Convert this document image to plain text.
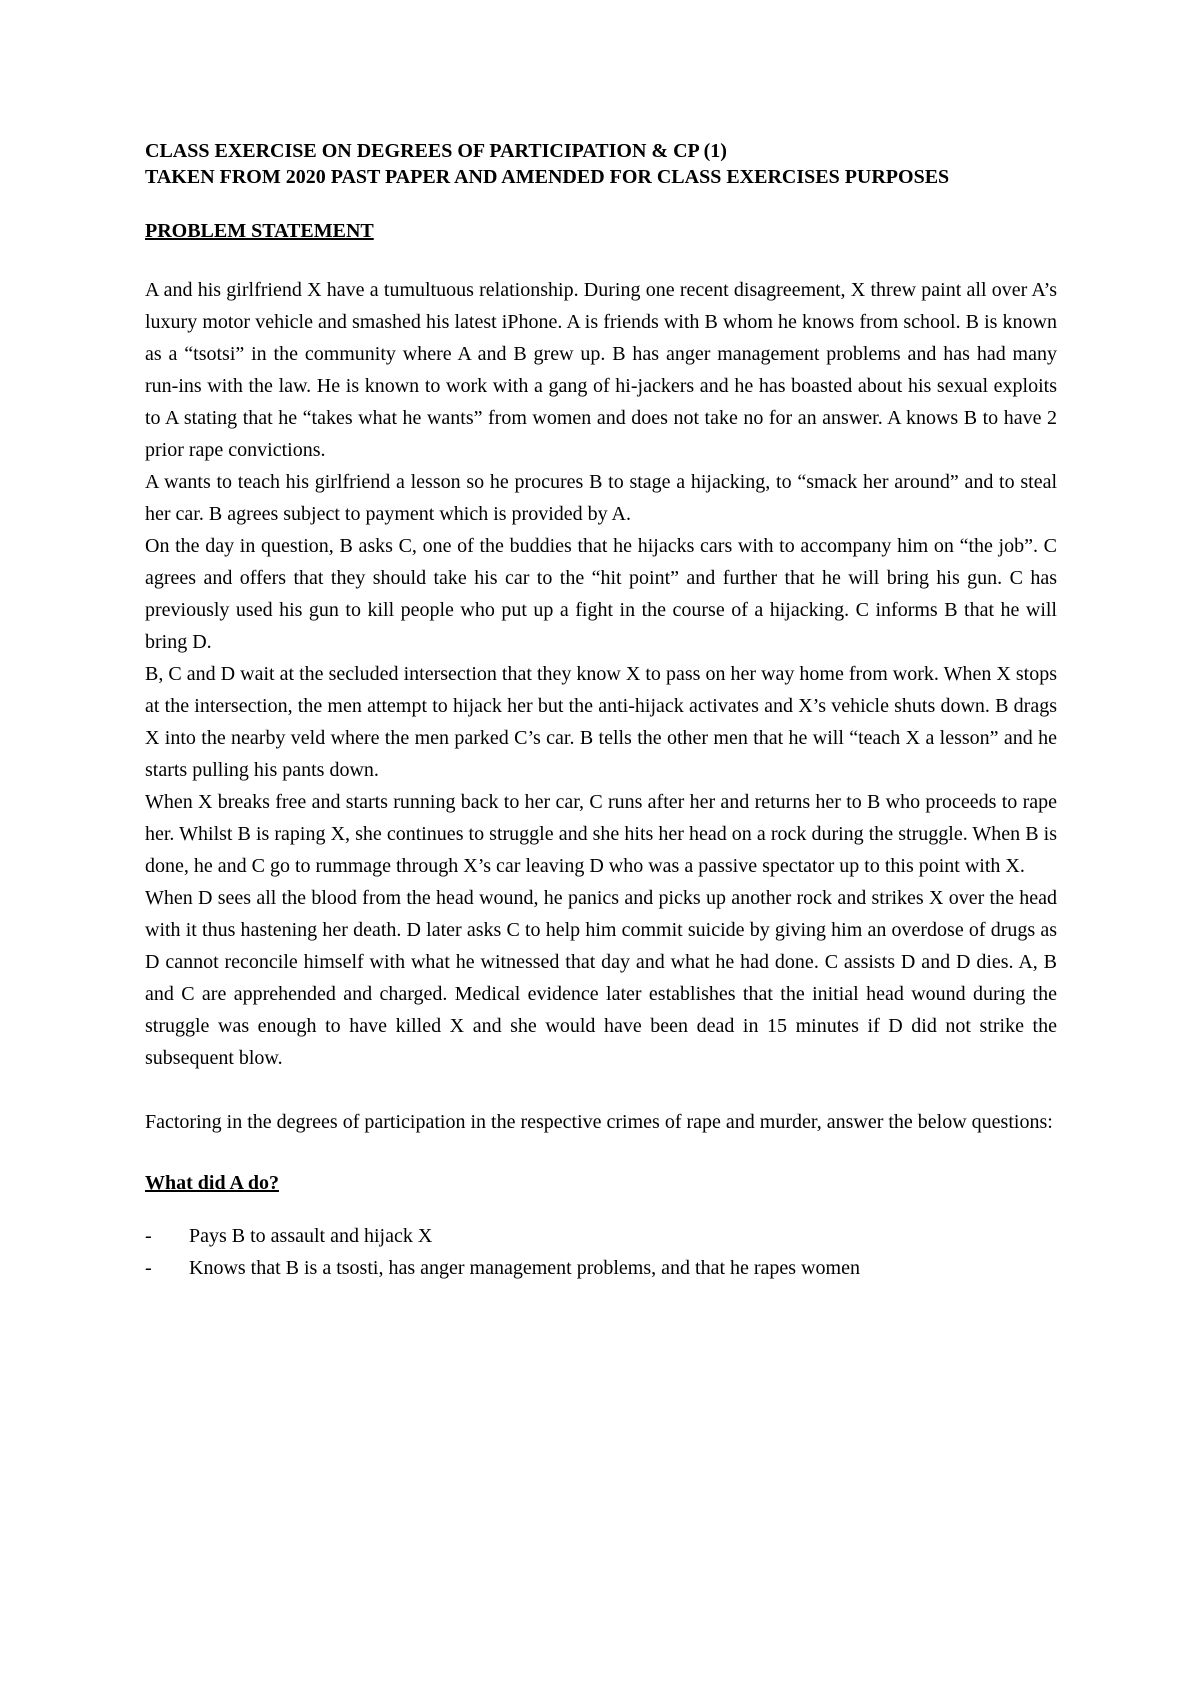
CLASS EXERCISE ON DEGREES OF PARTICIPATION & CP (1)

TAKEN FROM 2020 PAST PAPER AND AMENDED FOR CLASS EXERCISES PURPOSES

PROBLEM STATEMENT

A and his girlfriend X have a tumultuous relationship. During one recent disagreement, X threw paint all over A’s luxury motor vehicle and smashed his latest iPhone. A is friends with B whom he knows from school. B is known as a “tsotsi” in the community where A and B grew up. B has anger management problems and has had many run-ins with the law. He is known to work with a gang of hi-jackers and he has boasted about his sexual exploits to A stating that he “takes what he wants” from women and does not take no for an answer. A knows B to have 2 prior rape convictions.

A wants to teach his girlfriend a lesson so he procures B to stage a hijacking, to “smack her around” and to steal her car. B agrees subject to payment which is provided by A.

On the day in question, B asks C, one of the buddies that he hijacks cars with to accompany him on “the job”. C agrees and offers that they should take his car to the “hit point” and further that he will bring his gun. C has previously used his gun to kill people who put up a fight in the course of a hijacking. C informs B that he will bring D.

B, C and D wait at the secluded intersection that they know X to pass on her way home from work. When X stops at the intersection, the men attempt to hijack her but the anti-hijack activates and X’s vehicle shuts down. B drags X into the nearby veld where the men parked C’s car. B tells the other men that he will “teach X a lesson” and he starts pulling his pants down.

When X breaks free and starts running back to her car, C runs after her and returns her to B who proceeds to rape her. Whilst B is raping X, she continues to struggle and she hits her head on a rock during the struggle. When B is done, he and C go to rummage through X’s car leaving D who was a passive spectator up to this point with X.

When D sees all the blood from the head wound, he panics and picks up another rock and strikes X over the head with it thus hastening her death. D later asks C to help him commit suicide by giving him an overdose of drugs as D cannot reconcile himself with what he witnessed that day and what he had done. C assists D and D dies. A, B and C are apprehended and charged. Medical evidence later establishes that the initial head wound during the struggle was enough to have killed X and she would have been dead in 15 minutes if D did not strike the subsequent blow.

Factoring in the degrees of participation in the respective crimes of rape and murder, answer the below questions:

What did A do?

- Pays B to assault and hijack X
- Knows that B is a tsosti, has anger management problems, and that he rapes women
